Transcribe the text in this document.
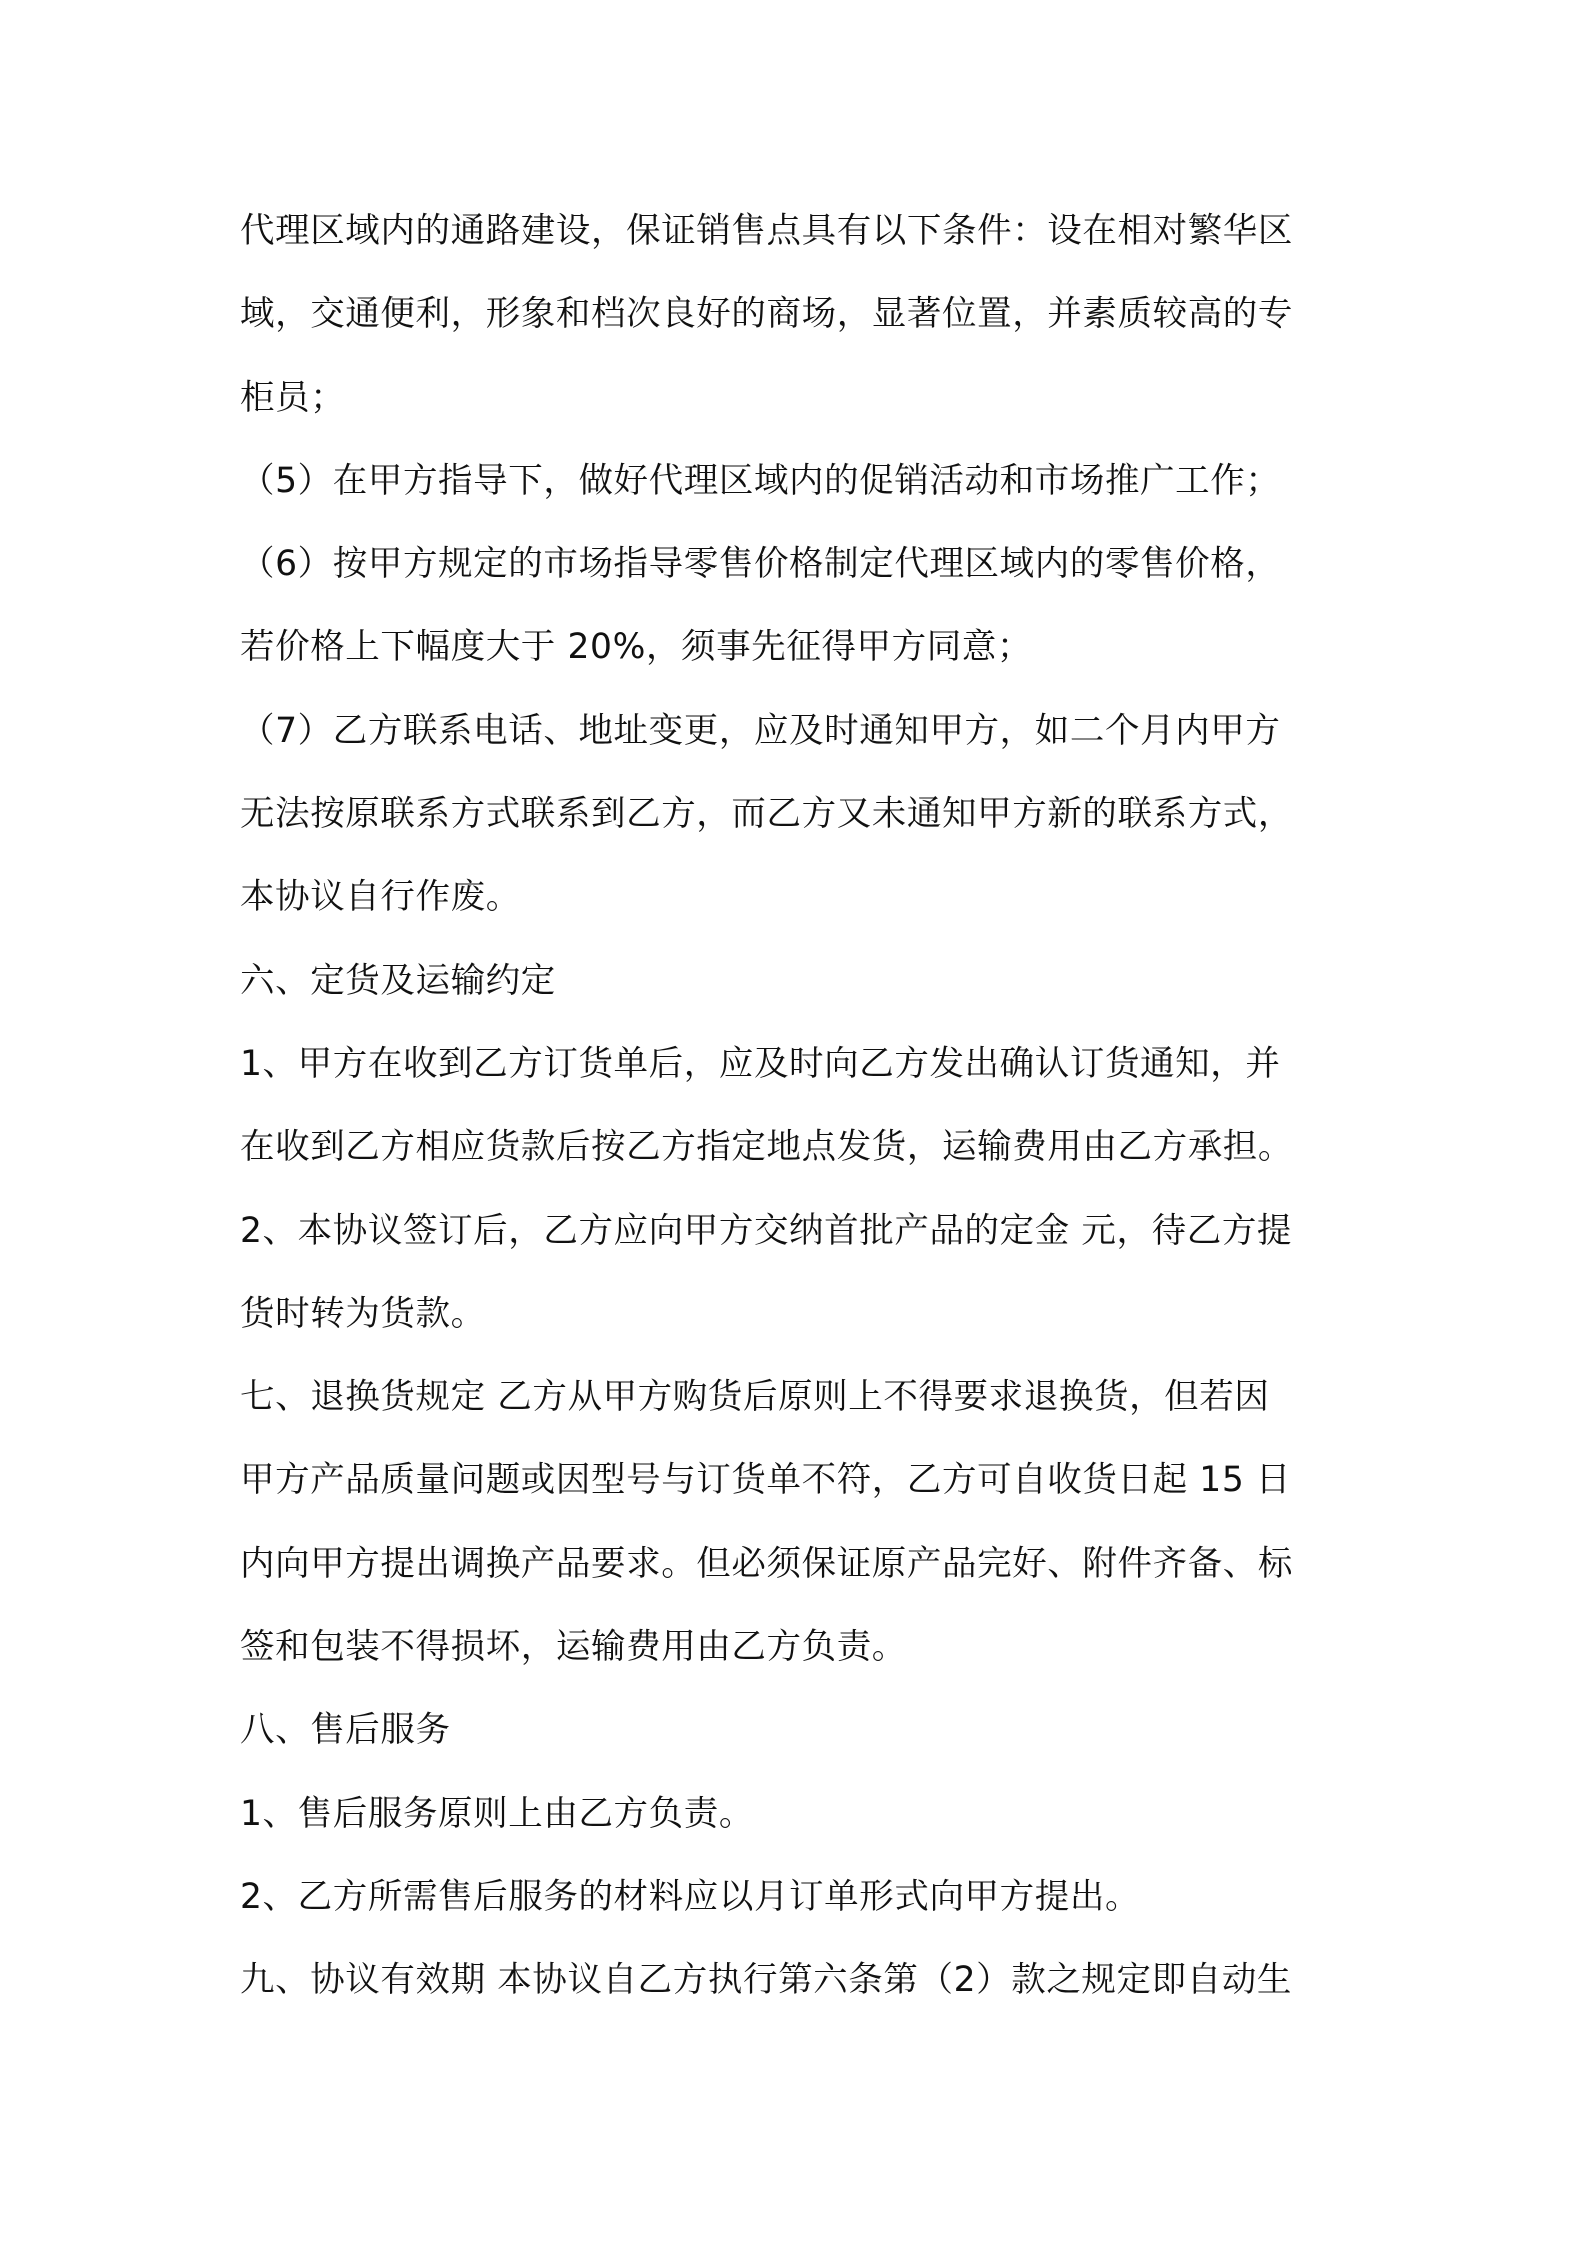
代理区域内的通路建设，保证销售点具有以下条件：设在相对繁华区
域，交通便利，形象和档次良好的商场，显著位置，并素质较高的专
柜员；
（5）在甲方指导下，做好代理区域内的促销活动和市场推广工作；
（6）按甲方规定的市场指导零售价格制定代理区域内的零售价格，
若价格上下幅度大于 20%，须事先征得甲方同意；
（7）乙方联系电话、地址变更，应及时通知甲方，如二个月内甲方
无法按原联系方式联系到乙方，而乙方又未通知甲方新的联系方式，
本协议自行作废。
六、定货及运输约定
1、甲方在收到乙方订货单后，应及时向乙方发出确认订货通知，并
在收到乙方相应货款后按乙方指定地点发货，运输费用由乙方承担。
2、本协议签订后，乙方应向甲方交纳首批产品的定金 元，待乙方提
货时转为货款。
七、退换货规定 乙方从甲方购货后原则上不得要求退换货，但若因
甲方产品质量问题或因型号与订货单不符，乙方可自收货日起 15 日
内向甲方提出调换产品要求。但必须保证原产品完好、附件齐备、标
签和包装不得损坏，运输费用由乙方负责。
八、售后服务
1、售后服务原则上由乙方负责。
2、乙方所需售后服务的材料应以月订单形式向甲方提出。
九、协议有效期 本协议自乙方执行第六条第（2）款之规定即自动生
